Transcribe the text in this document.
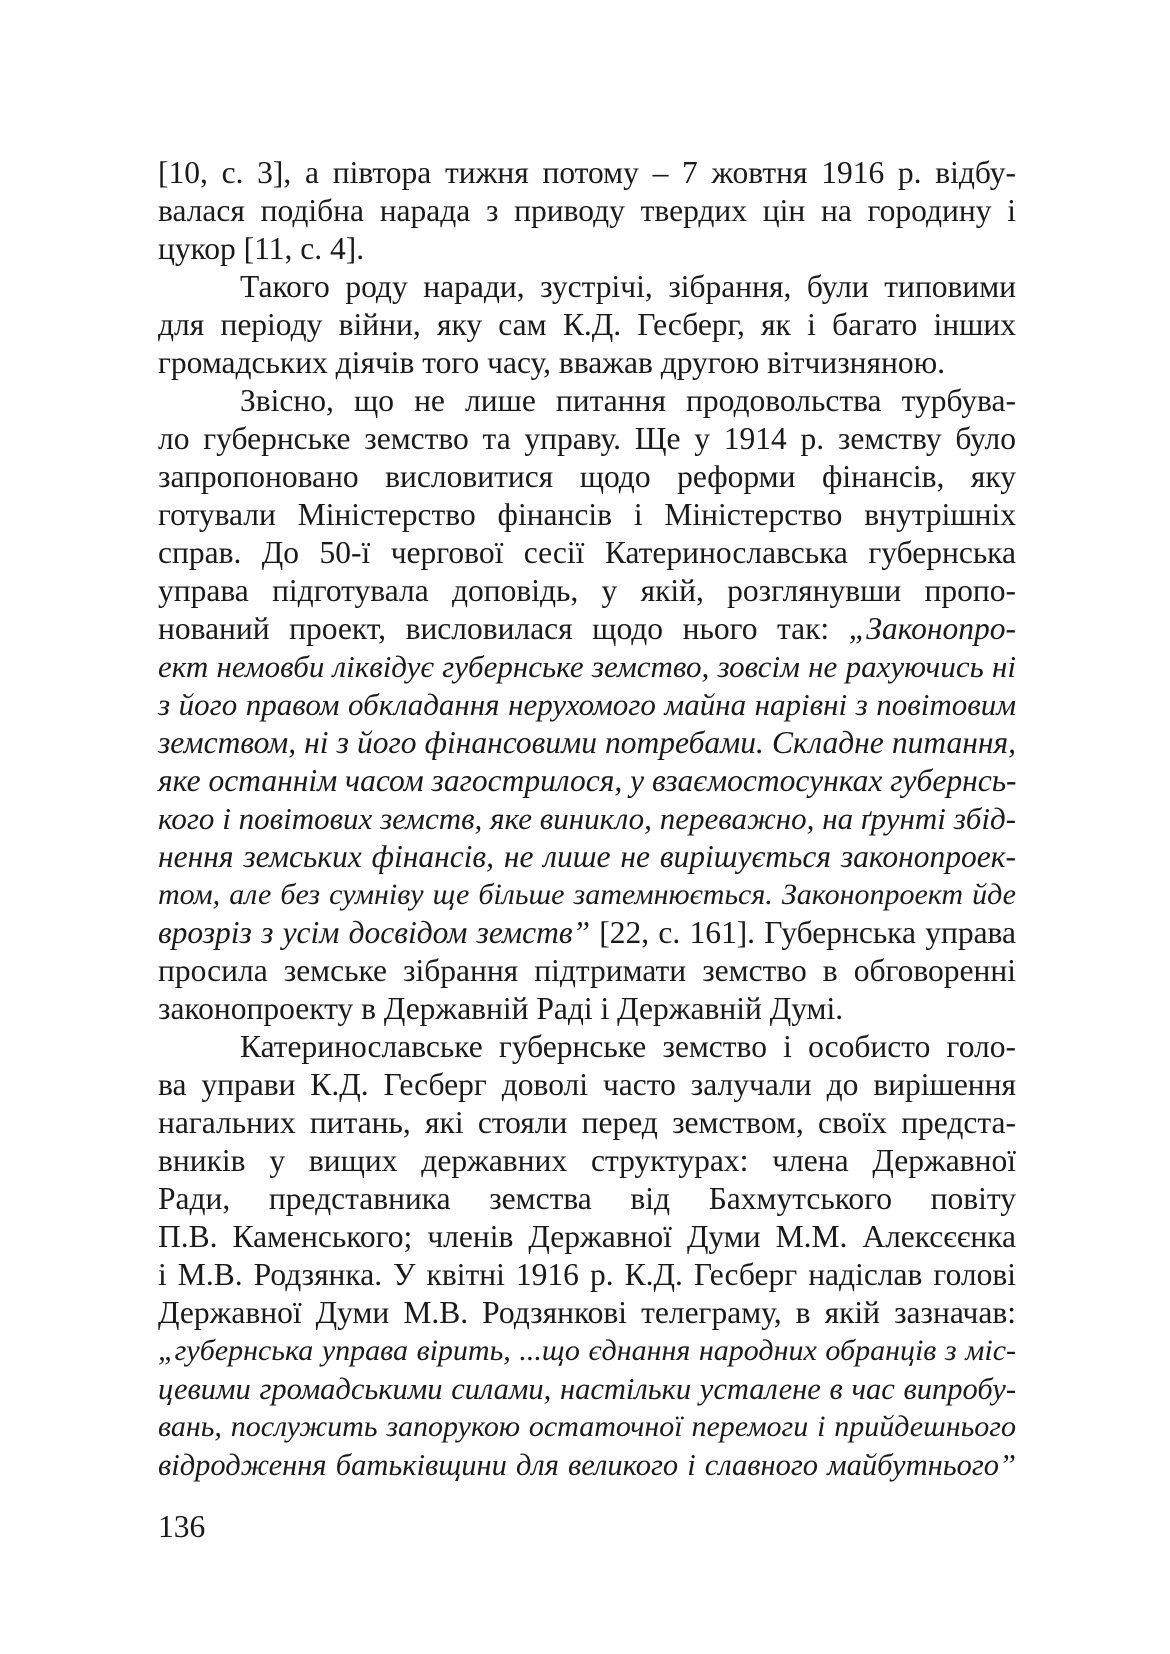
[10, с. 3], а півтора тижня потому – 7 жовтня 1916 р. відбу-
валася подібна нарада з приводу твердих цін на городину і
цукор [11, с. 4].
Такого роду наради, зустрічі, зібрання, були типовими
для періоду війни, яку сам К.Д. Гесберг, як і багато інших
громадських діячів того часу, вважав другою вітчизняною.
Звісно, що не лише питання продовольства турбува-
ло губернське земство та управу. Ще у 1914 р. земству було
запропоновано висловитися щодо реформи фінансів, яку
готували Міністерство фінансів і Міністерство внутрішніх
справ. До 50-ї чергової сесії Катеринославська губернська
управа підготувала доповідь, у якій, розглянувши пропо-
нований проект, висловилася щодо нього так: „Законопро-
ект немовби ліквідує губернське земство, зовсім не рахуючись ні
з його правом обкладання нерухомого майна нарівні з повітовим
земством, ні з його фінансовими потребами. Складне питання,
яке останнім часом загострилося, у взаємостосунках губернсь-
кого і повітових земств, яке виникло, переважно, на ґрунті збід-
нення земських фінансів, не лише не вирішується законопроек-
том, але без сумніву ще більше затемнюється. Законопроект йде
врозріз з усім досвідом земств” [22, с. 161]. Губернська управа
просила земське зібрання підтримати земство в обговоренні
законопроекту в Державній Раді і Державній Думі.
Катеринославське губернське земство і особисто голо-
ва управи К.Д. Гесберг доволі часто залучали до вирішення
нагальних питань, які стояли перед земством, своїх предста-
вників у вищих державних структурах: члена Державної
Ради, представника земства від Бахмутського повіту
П.В. Каменського; членів Державної Думи М.М. Алексєєнка
і М.В. Родзянка. У квітні 1916 р. К.Д. Гесберг надіслав голові
Державної Думи М.В. Родзянкові телеграму, в якій зазначав:
„губернська управа вірить, ...що єднання народних обранців з міс-
цевими громадськими силами, настільки усталене в час випробу-
вань, послужить запорукою остаточної перемоги і прийдешнього
відродження батьківщини для великого і славного майбутнього”
136
